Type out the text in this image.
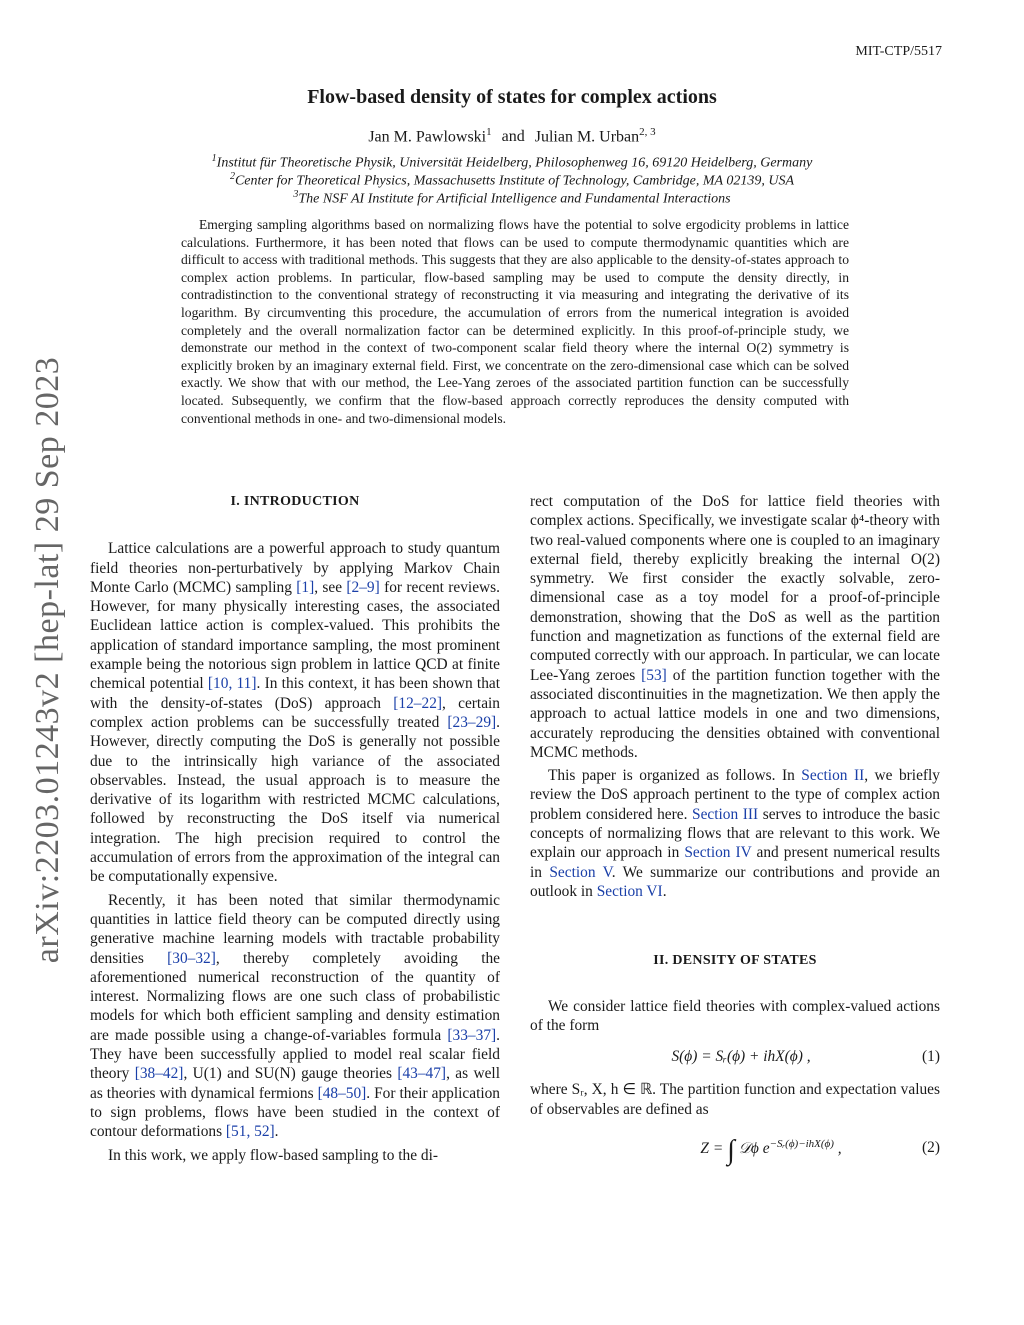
arXiv:2203.01243v2 [hep-lat] 29 Sep 2023
MIT-CTP/5517
Flow-based density of states for complex actions
Jan M. Pawlowski$^1$ and Julian M. Urban$^{2, 3}$
$^1$Institut für Theoretische Physik, Universität Heidelberg, Philosophenweg 16, 69120 Heidelberg, Germany
$^2$Center for Theoretical Physics, Massachusetts Institute of Technology, Cambridge, MA 02139, USA
$^3$The NSF AI Institute for Artificial Intelligence and Fundamental Interactions

Emerging sampling algorithms based on normalizing flows have the potential to solve ergodicity problems in lattice calculations. Furthermore, it has been noted that flows can be used to compute thermodynamic quantities which are difficult to access with traditional methods. This suggests that they are also applicable to the density-of-states approach to complex action problems. In particular, flow-based sampling may be used to compute the density directly, in contradistinction to the conventional strategy of reconstructing it via measuring and integrating the derivative of its logarithm. By circumventing this procedure, the accumulation of errors from the numerical integration is avoided completely and the overall normalization factor can be determined explicitly. In this proof-of-principle study, we demonstrate our method in the context of two-component scalar field theory where the internal O(2) symmetry is explicitly broken by an imaginary external field. First, we concentrate on the zero-dimensional case which can be solved exactly. We show that with our method, the Lee-Yang zeroes of the associated partition function can be successfully located. Subsequently, we confirm that the flow-based approach correctly reproduces the density computed with conventional methods in one- and two-dimensional models.

I. INTRODUCTION

Lattice calculations are a powerful approach to study quantum field theories non-perturbatively by applying Markov Chain Monte Carlo (MCMC) sampling [1], see [2–9] for recent reviews. However, for many physically interesting cases, the associated Euclidean lattice action is complex-valued. This prohibits the application of standard importance sampling, the most prominent example being the notorious sign problem in lattice QCD at finite chemical potential [10, 11]. In this context, it has been shown that with the density-of-states (DoS) approach [12–22], certain complex action problems can be successfully treated [23–29]. However, directly computing the DoS is generally not possible due to the intrinsically high variance of the associated observables. Instead, the usual approach is to measure the derivative of its logarithm with restricted MCMC calculations, followed by reconstructing the DoS itself via numerical integration. The high precision required to control the accumulation of errors from the approximation of the integral can be computationally expensive.

Recently, it has been noted that similar thermodynamic quantities in lattice field theory can be computed directly using generative machine learning models with tractable probability densities [30–32], thereby completely avoiding the aforementioned numerical reconstruction of the quantity of interest. Normalizing flows are one such class of probabilistic models for which both efficient sampling and density estimation are made possible using a change-of-variables formula [33–37]. They have been successfully applied to model real scalar field theory [38–42], U(1) and SU(N) gauge theories [43–47], as well as theories with dynamical fermions [48–50]. For their application to sign problems, flows have been studied in the context of contour deformations [51, 52].

In this work, we apply flow-based sampling to the di-

rect computation of the DoS for lattice field theories with complex actions. Specifically, we investigate scalar ϕ⁴-theory with two real-valued components where one is coupled to an imaginary external field, thereby explicitly breaking the internal O(2) symmetry. We first consider the exactly solvable, zero-dimensional case as a toy model for a proof-of-principle demonstration, showing that the DoS as well as the partition function and magnetization as functions of the external field are computed correctly with our approach. In particular, we can locate Lee-Yang zeroes [53] of the partition function together with the associated discontinuities in the magnetization. We then apply the approach to actual lattice models in one and two dimensions, accurately reproducing the densities obtained with conventional MCMC methods.

This paper is organized as follows. In Section II, we briefly review the DoS approach pertinent to the type of complex action problem considered here. Section III serves to introduce the basic concepts of normalizing flows that are relevant to this work. We explain our approach in Section IV and present numerical results in Section V. We summarize our contributions and provide an outlook in Section VI.

II. DENSITY OF STATES

We consider lattice field theories with complex-valued actions of the form

S(ϕ) = Sᵣ(ϕ) + ihX(ϕ) ,	(1)

where Sᵣ, X, h ∈ ℝ. The partition function and expectation values of observables are defined as

Z = ∫ 𝒟ϕ $e^{-Sᵣ(\phi)-ihX(\phi)}$ ,	(2)
